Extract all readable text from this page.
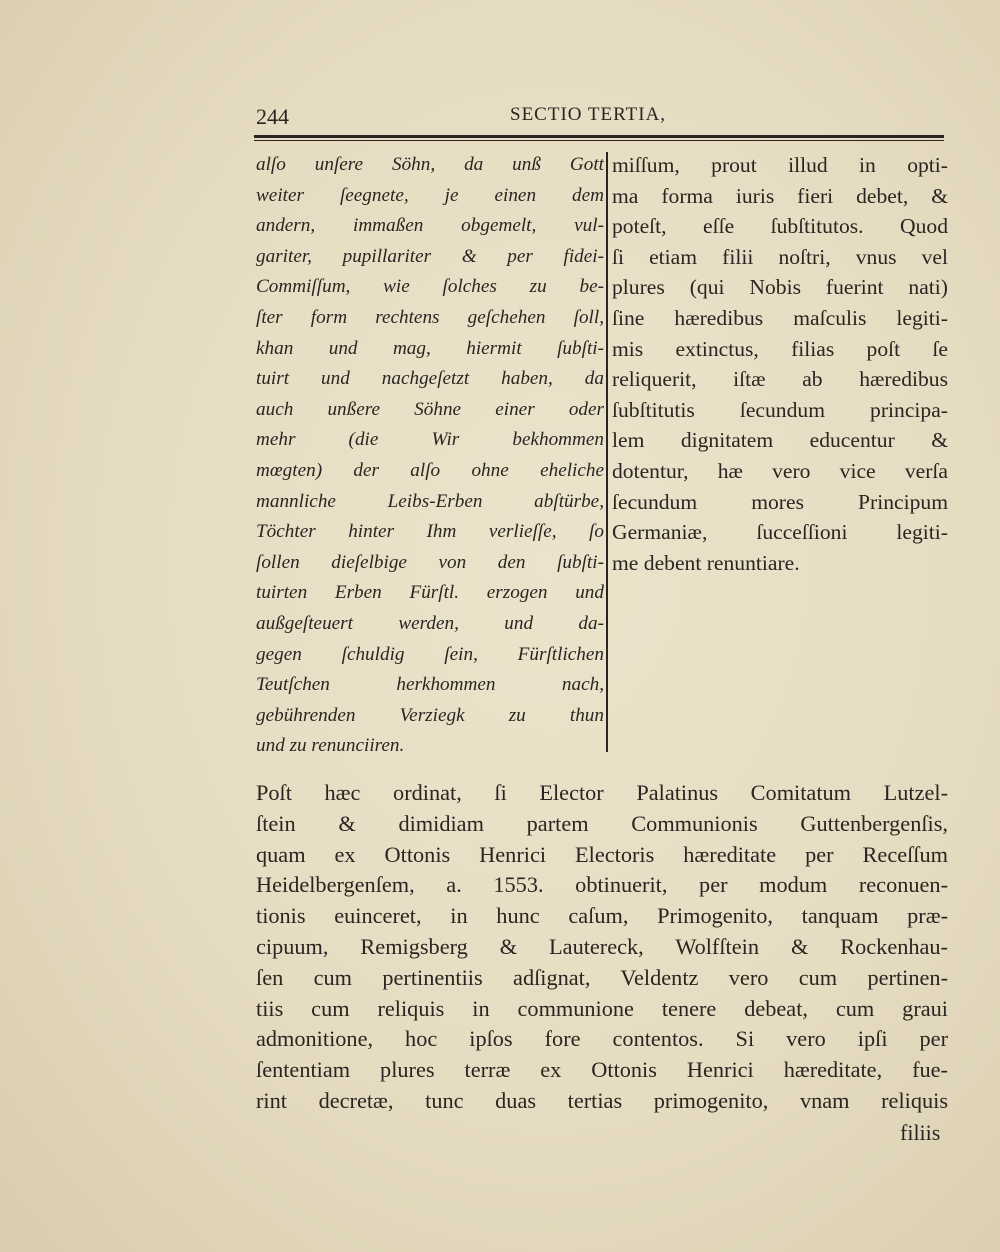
244	SECTIO TERTIA,
alſo unſere Söhn, da unß Gott
weiter ſeegnete, je einen dem
andern, immaßen obgemelt, vul-
gariter, pupillariter & per fidei-
Commiſſum, wie ſolches zu be-
ſter form rechtens geſchehen ſoll,
khan und mag, hiermit ſubſti-
tuirt und nachgeſetzt haben, da
auch unßere Söhne einer oder
mehr (die Wir bekhommen
mœgten) der alſo ohne eheliche
mannliche Leibs-Erben abſtürbe,
Töchter hinter Ihm verlieſſe, ſo
ſollen dieſelbige von den ſubſti-
tuirten Erben Fürſtl. erzogen und
außgeſteuert werden, und da-
gegen ſchuldig ſein, Fürſtlichen
Teutſchen herkhommen nach,
gebührenden Verziegk zu thun
und zu renunciiren.
miſſum, prout illud in opti-
ma forma iuris fieri debet, &
poteſt, eſſe ſubſtitutos. Quod
ſi etiam filii noſtri, vnus vel
plures (qui Nobis fuerint nati)
ſine hæredibus maſculis legiti-
mis extinctus, filias poſt ſe
reliquerit, iſtæ ab hæredibus
ſubſtitutis ſecundum principa-
lem dignitatem educentur &
dotentur, hæ vero vice verſa
ſecundum mores Principum
Germaniæ, ſucceſſioni legiti-
me debent renuntiare.
Poſt hæc ordinat, ſi Elector Palatinus Comitatum Lutzel-
ſtein & dimidiam partem Communionis Guttenbergenſis,
quam ex Ottonis Henrici Electoris hæreditate per Receſſum
Heidelbergenſem, a. 1553. obtinuerit, per modum reconuen-
tionis euinceret, in hunc caſum, Primogenito, tanquam præ-
cipuum, Remigsberg & Lautereck, Wolfſtein & Rockenhau-
ſen cum pertinentiis adſignat, Veldentz vero cum pertinen-
tiis cum reliquis in communione tenere debeat, cum graui
admonitione, hoc ipſos fore contentos. Si vero ipſi per
ſententiam plures terræ ex Ottonis Henrici hæreditate, fue-
rint decretæ, tunc duas tertias primogenito, vnam reliquis
filiis
